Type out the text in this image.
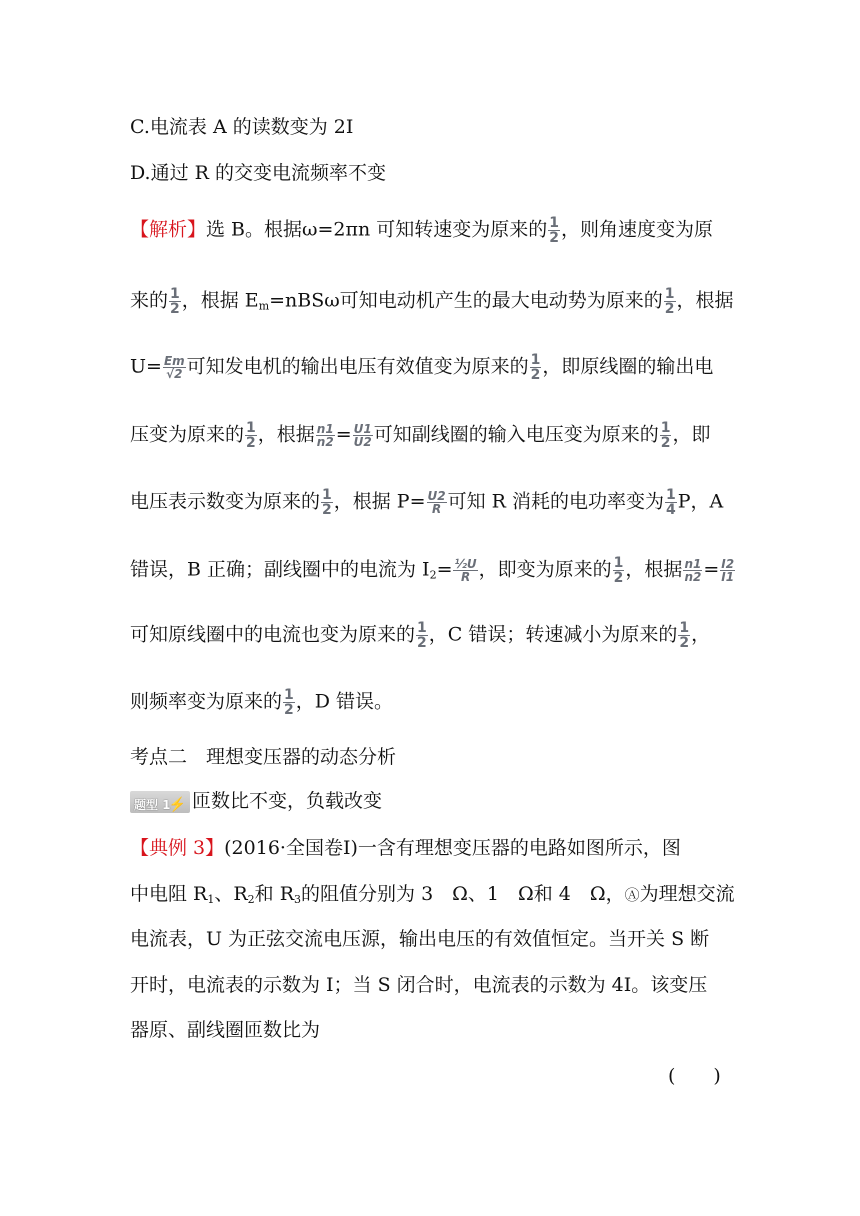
C.电流表 A 的读数变为 2I
D.通过 R 的交变电流频率不变
【解析】选 B。根据ω=2πn 可知转速变为原来的 $\frac{1}{2}$ ，则角速度变为原
来的 $\frac{1}{2}$ ，根据 $E_m=nBS\omega$可知电动机产生的最大电动势为原来的 $\frac{1}{2}$ ，根据
$U= \frac{Em}{√2}$ 可知发电机的输出电压有效值变为原来的 $\frac{1}{2}$ ，即原线圈的输出电
压变为原来的 $\frac{1}{2}$ ，根据 $\frac{n1}{n2} = \frac{U1}{U2}$ 可知副线圈的输入电压变为原来的 $\frac{1}{2}$ ，即
电压表示数变为原来的 $\frac{1}{2}$ ，根据 $P= \frac{U2}{R}$ 可知 R 消耗的电功率变为 $\frac{1}{4}$ P，A
错误，B 正确；副线圈中的电流为 $I_2= \frac{\text{½U}}{R}$ ，即变为原来的 $\frac{1}{2}$ ，根据 $\frac{n1}{n2} = \frac{I2}{I1}$
可知原线圈中的电流也变为原来的 $\frac{1}{2}$ ，C 错误；转速减小为原来的 $\frac{1}{2}$ ，
则频率变为原来的 $\frac{1}{2}$ ，D 错误。
考点二　理想变压器的动态分析
题型 1
⚡ 匝数比不变，负载改变
【典例 3】(2016·全国卷Ⅰ)一含有理想变压器的电路如图所示，图
中电阻 $R_1$、$R_2$和 $R_3$的阻值分别为 3　Ω、1　Ω和 4　Ω，Ⓐ为理想交流
电流表，U 为正弦交流电压源，输出电压的有效值恒定。当开关 S 断
开时，电流表的示数为 I；当 S 闭合时，电流表的示数为 4I。该变压
器原、副线圈匝数比为
(　　)
